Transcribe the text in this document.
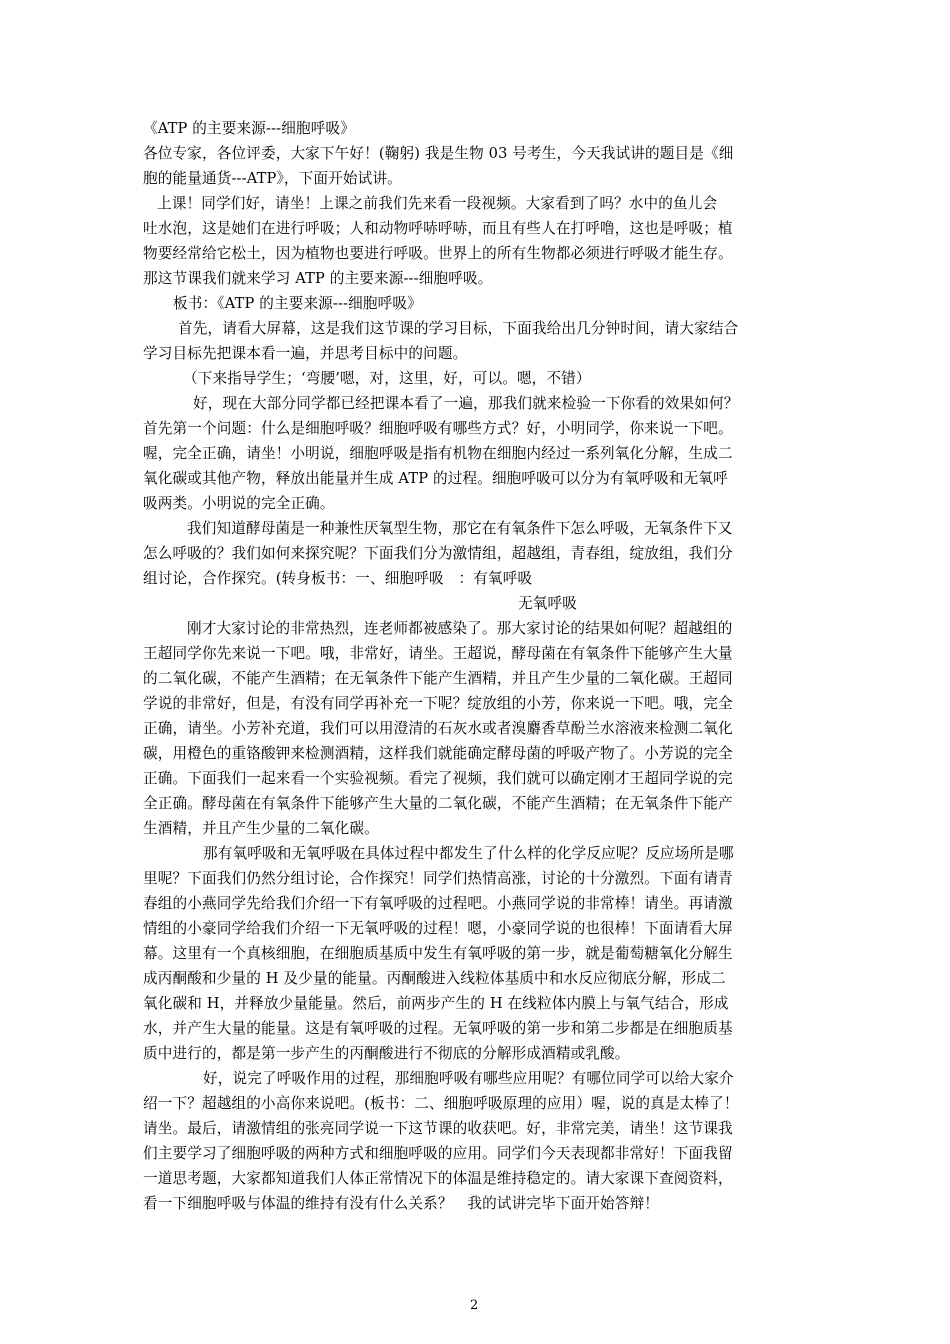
《ATP 的主要来源---细胞呼吸》
各位专家，各位评委，大家下午好！(鞠躬) 我是生物 03 号考生，今天我试讲的题目是《细
胞的能量通货---ATP》，下面开始试讲。
上课！同学们好，请坐！上课之前我们先来看一段视频。大家看到了吗？水中的鱼儿会
吐水泡，这是她们在进行呼吸；人和动物呼哧呼哧，而且有些人在打呼噜，这也是呼吸；植
物要经常给它松土，因为植物也要进行呼吸。世界上的所有生物都必须进行呼吸才能生存。
那这节课我们就来学习 ATP 的主要来源---细胞呼吸。
板书：《ATP 的主要来源---细胞呼吸》
首先，请看大屏幕，这是我们这节课的学习目标，下面我给出几分钟时间，请大家结合
学习目标先把课本看一遍，并思考目标中的问题。
（下来指导学生；‘弯腰’嗯，对，这里，好，可以。嗯，不错）
好，现在大部分同学都已经把课本看了一遍，那我们就来检验一下你看的效果如何？
首先第一个问题：什么是细胞呼吸？细胞呼吸有哪些方式？好，小明同学，你来说一下吧。
喔，完全正确，请坐！小明说，细胞呼吸是指有机物在细胞内经过一系列氧化分解，生成二
氧化碳或其他产物，释放出能量并生成 ATP 的过程。细胞呼吸可以分为有氧呼吸和无氧呼
吸两类。小明说的完全正确。
我们知道酵母菌是一种兼性厌氧型生物，那它在有氧条件下怎么呼吸，无氧条件下又
怎么呼吸的？我们如何来探究呢？下面我们分为激情组，超越组，青春组，绽放组，我们分
组讨论，合作探究。(转身板书：一、细胞呼吸　：有氧呼吸
无氧呼吸
刚才大家讨论的非常热烈，连老师都被感染了。那大家讨论的结果如何呢？超越组的
王超同学你先来说一下吧。哦，非常好，请坐。王超说，酵母菌在有氧条件下能够产生大量
的二氧化碳，不能产生酒精；在无氧条件下能产生酒精，并且产生少量的二氧化碳。王超同
学说的非常好，但是，有没有同学再补充一下呢？绽放组的小芳，你来说一下吧。哦，完全
正确，请坐。小芳补充道，我们可以用澄清的石灰水或者溴麝香草酚兰水溶液来检测二氧化
碳，用橙色的重铬酸钾来检测酒精，这样我们就能确定酵母菌的呼吸产物了。小芳说的完全
正确。下面我们一起来看一个实验视频。看完了视频，我们就可以确定刚才王超同学说的完
全正确。酵母菌在有氧条件下能够产生大量的二氧化碳，不能产生酒精；在无氧条件下能产
生酒精，并且产生少量的二氧化碳。
那有氧呼吸和无氧呼吸在具体过程中都发生了什么样的化学反应呢？反应场所是哪
里呢？下面我们仍然分组讨论，合作探究！同学们热情高涨，讨论的十分激烈。下面有请青
春组的小燕同学先给我们介绍一下有氧呼吸的过程吧。小燕同学说的非常棒！请坐。再请激
情组的小豪同学给我们介绍一下无氧呼吸的过程！嗯，小豪同学说的也很棒！下面请看大屏
幕。这里有一个真核细胞，在细胞质基质中发生有氧呼吸的第一步，就是葡萄糖氧化分解生
成丙酮酸和少量的 H 及少量的能量。丙酮酸进入线粒体基质中和水反应彻底分解，形成二
氧化碳和 H，并释放少量能量。然后，前两步产生的 H 在线粒体内膜上与氧气结合，形成
水，并产生大量的能量。这是有氧呼吸的过程。无氧呼吸的第一步和第二步都是在细胞质基
质中进行的，都是第一步产生的丙酮酸进行不彻底的分解形成酒精或乳酸。
好，说完了呼吸作用的过程，那细胞呼吸有哪些应用呢？有哪位同学可以给大家介
绍一下？超越组的小高你来说吧。(板书：二、细胞呼吸原理的应用）喔，说的真是太棒了！
请坐。最后，请激情组的张亮同学说一下这节课的收获吧。好，非常完美，请坐！这节课我
们主要学习了细胞呼吸的两种方式和细胞呼吸的应用。同学们今天表现都非常好！下面我留
一道思考题，大家都知道我们人体正常情况下的体温是维持稳定的。请大家课下查阅资料，
看一下细胞呼吸与体温的维持有没有什么关系？　我的试讲完毕下面开始答辩！
2
